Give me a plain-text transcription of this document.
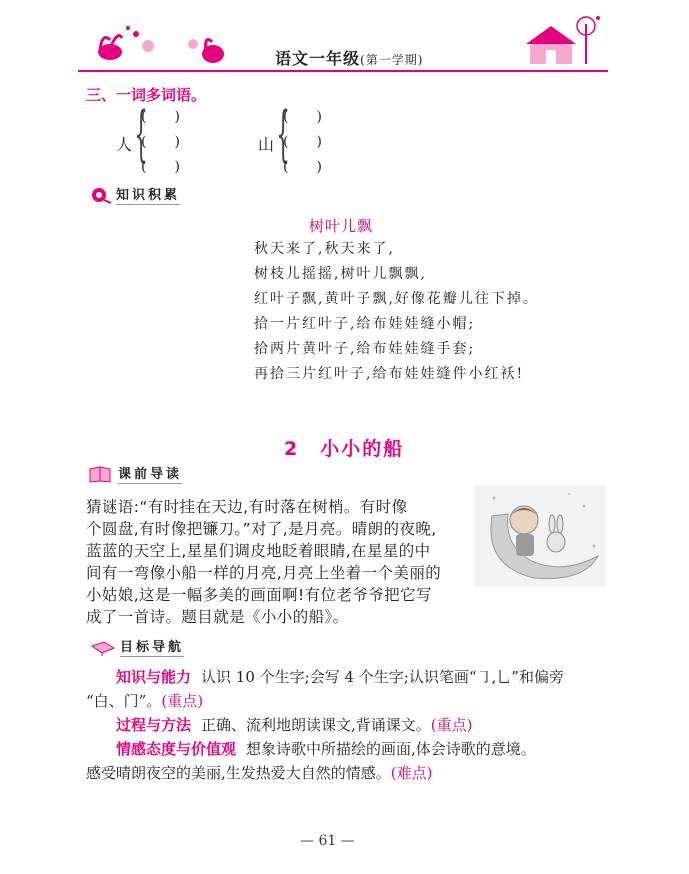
语文一年级(第一学期)
三、一词多词语。
人 {
(　　)
(　　)
(　　)
山 {
(　　)
(　　)
(　　)
知识积累
树叶儿飘
秋天来了,秋天来了,
树枝儿摇摇,树叶儿飘飘,
红叶子飘,黄叶子飘,好像花瓣儿往下掉。
拾一片红叶子,给布娃娃缝小帽;
拾两片黄叶子,给布娃娃缝手套;
再拾三片红叶子,给布娃娃缝件小红袄!
2　小小的船
课前导读
猜谜语:“有时挂在天边,有时落在树梢。有时像
个圆盘,有时像把镰刀。”对了,是月亮。晴朗的夜晚,
蓝蓝的天空上,星星们调皮地眨着眼睛,在星星的中
间有一弯像小船一样的月亮,月亮上坐着一个美丽的
小姑娘,这是一幅多美的画面啊!有位老爷爷把它写
成了一首诗。题目就是《小小的船》。
目标导航
知识与能力 认识 10 个生字;会写 4 个生字;认识笔画“㇆,乚”和偏旁
“白、门”。(重点)
过程与方法 正确、流利地朗读课文,背诵课文。(重点)
情感态度与价值观 想象诗歌中所描绘的画面,体会诗歌的意境。
感受晴朗夜空的美丽,生发热爱大自然的情感。(难点)
— 61 —
